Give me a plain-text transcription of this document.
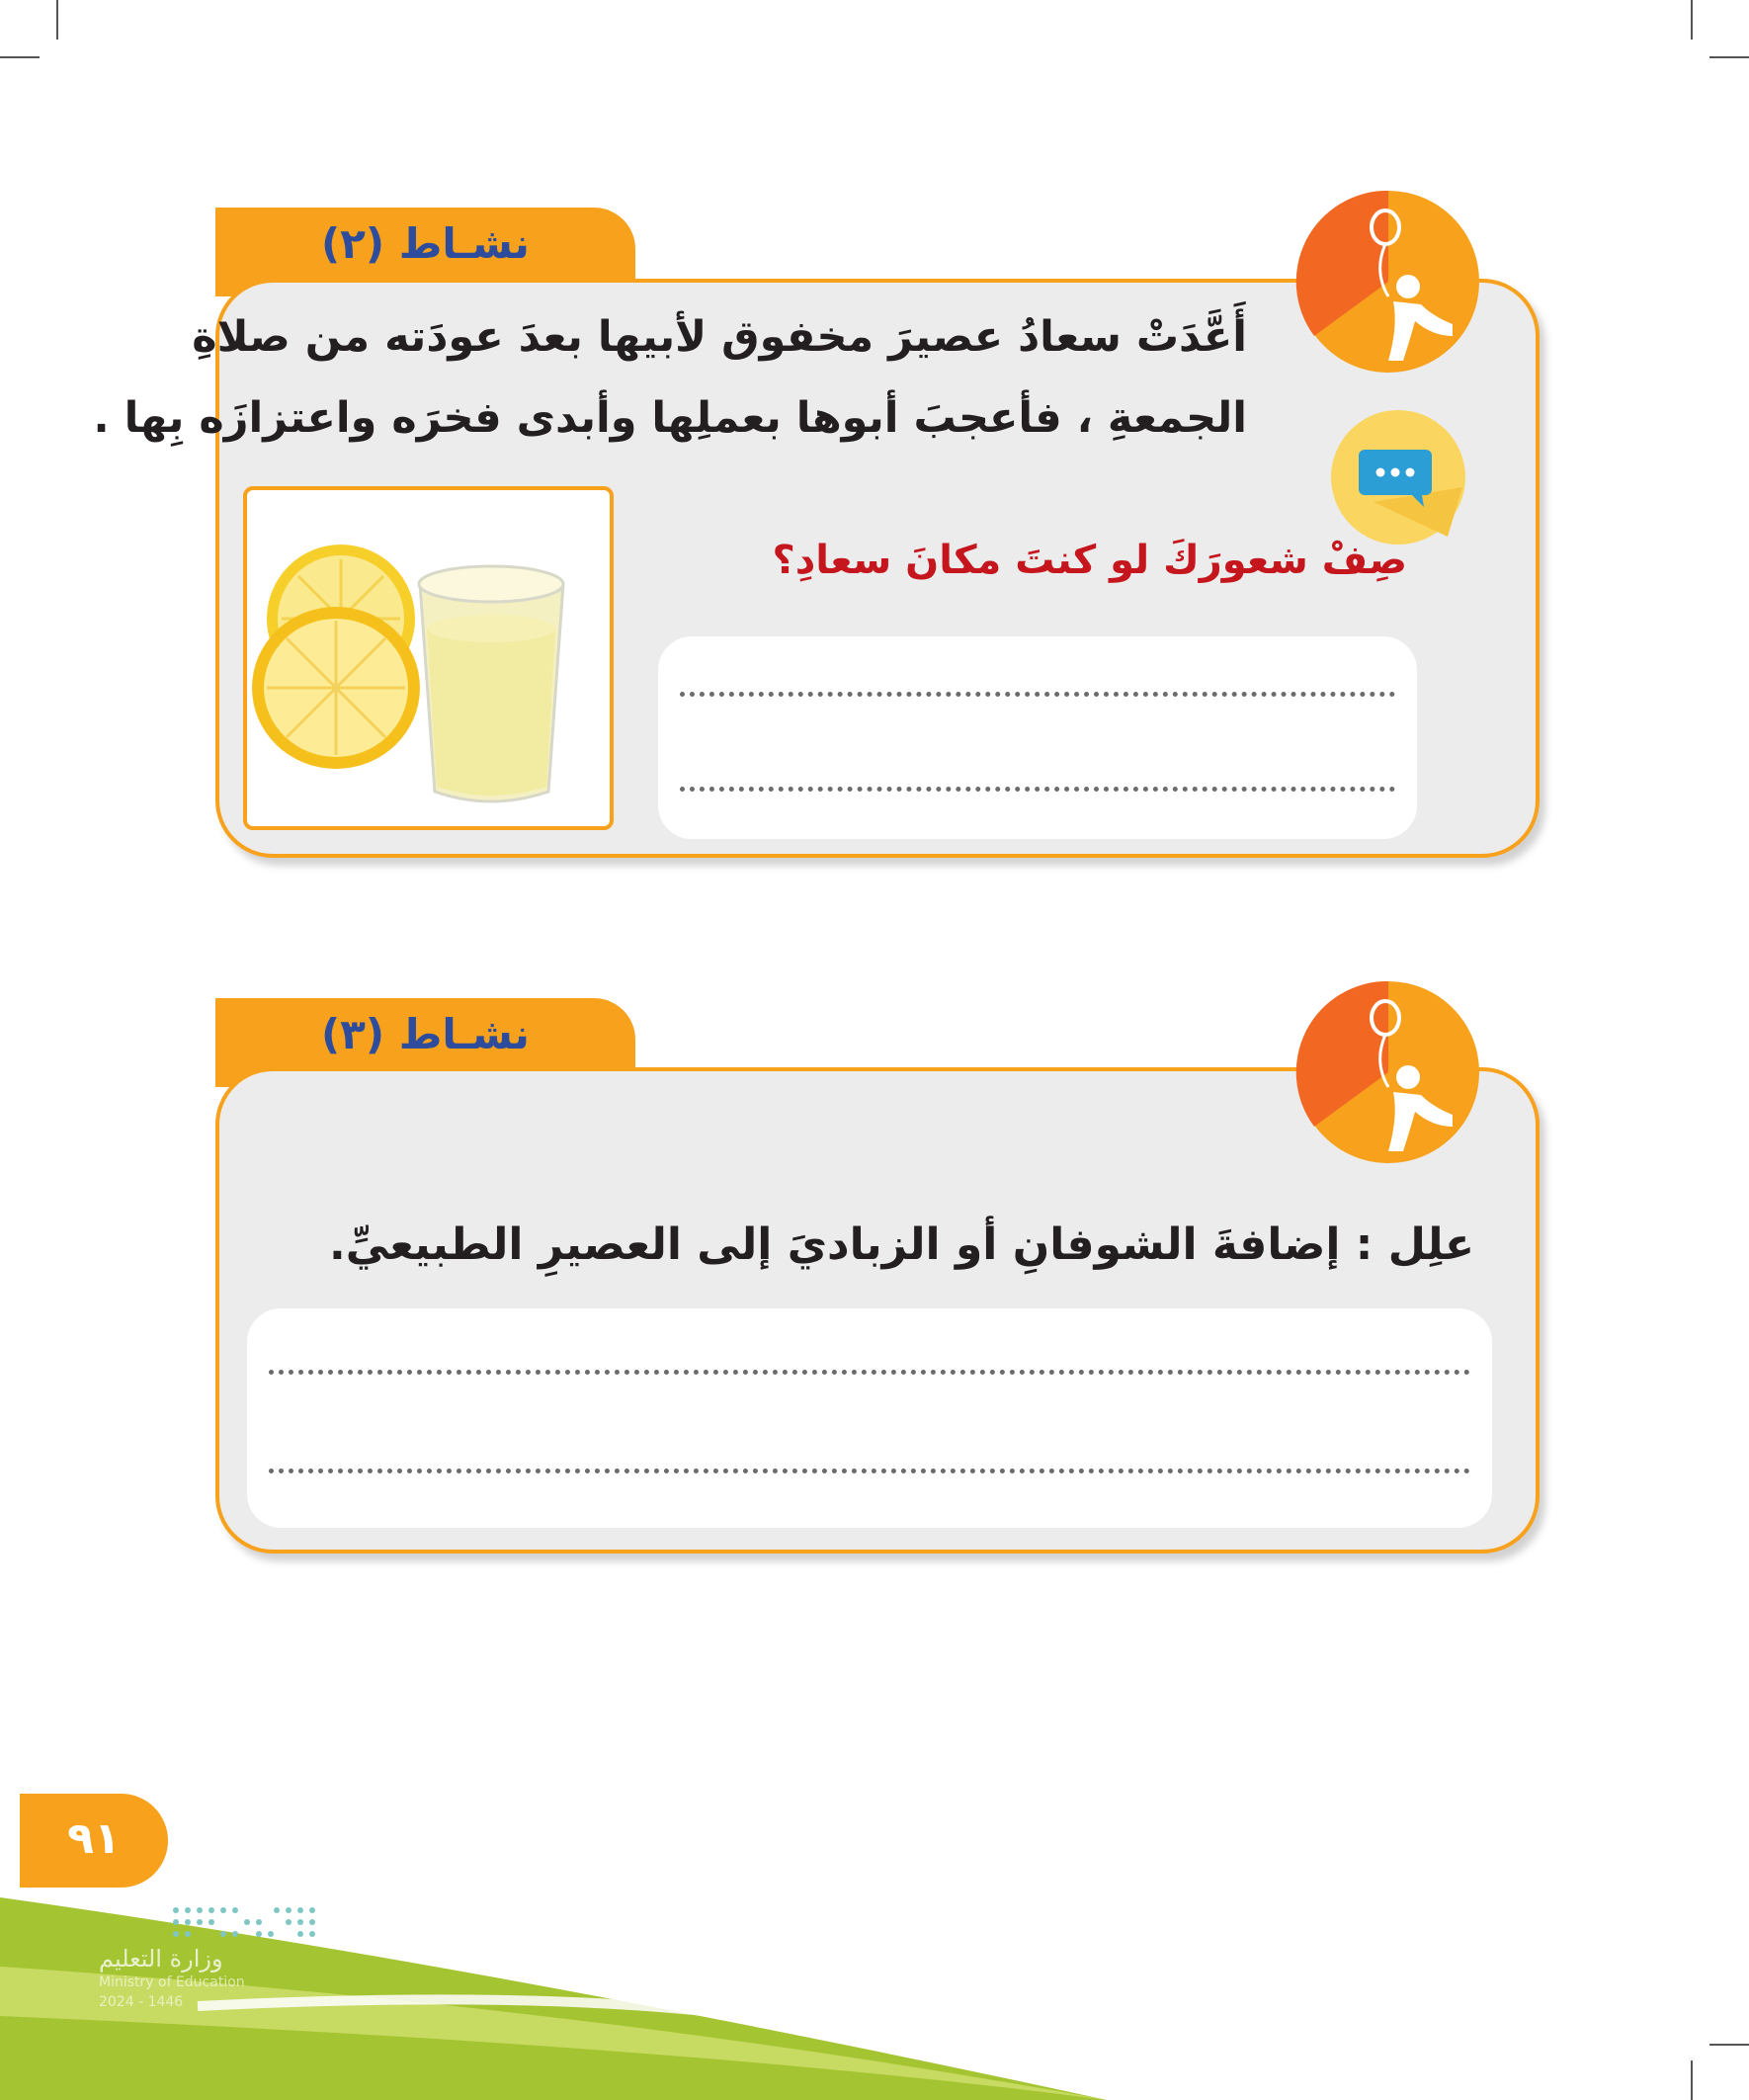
نشـاط (٢)
أَعَّدَتْ سعادُ عصيرَ مخفوق لأبيها بعدَ عودَته من صلاةِ
الجمعةِ ، فأعجبَ أبوها بعملِها وأبدى فخرَه واعتزازَه بِها .
صِفْ شعورَكَ لو كنتَ مكانَ سعادِ؟
نشـاط (٣)
علِل : إضافةَ الشوفانِ أو الزباديَ إلى العصيرِ الطبيعيِّ.
٩١
وزارة التعليم
Ministry of Education
2024 - 1446
